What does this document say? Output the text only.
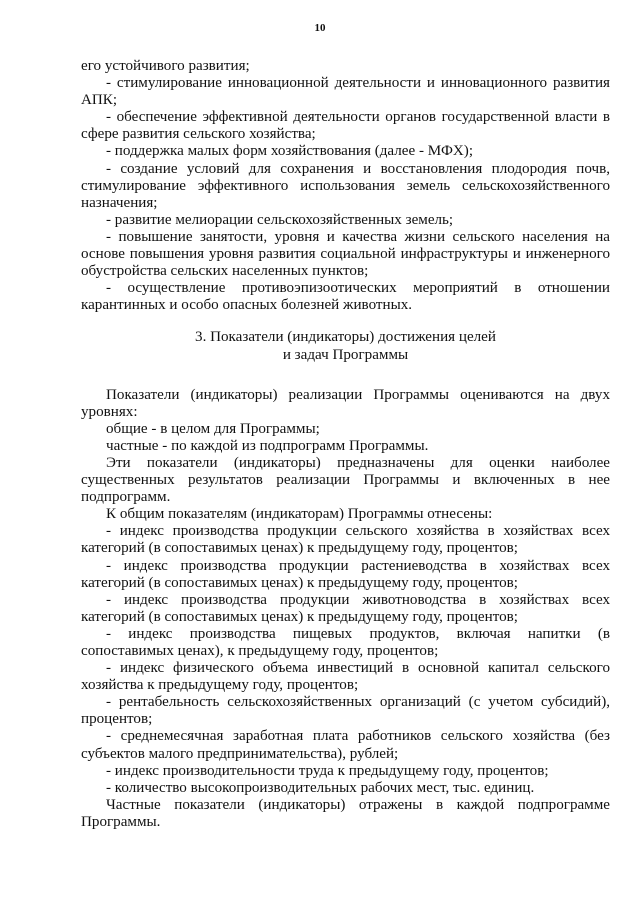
10

его устойчивого развития;

- стимулирование инновационной деятельности и инновационного развития АПК;

- обеспечение эффективной деятельности органов государственной власти в сфере развития сельского хозяйства;

- поддержка малых форм хозяйствования (далее - МФХ);

- создание условий для сохранения и восстановления плодородия почв, стимулирование эффективного использования земель сельскохозяйственного назначения;

- развитие мелиорации сельскохозяйственных земель;

- повышение занятости, уровня и качества жизни сельского населения на основе повышения уровня развития социальной инфраструктуры и инженерного обустройства сельских населенных пунктов;

- осуществление противоэпизоотических мероприятий в отношении карантинных и особо опасных болезней животных.

3. Показатели (индикаторы) достижения целей

и задач Программы

Показатели (индикаторы) реализации Программы оцениваются на двух уровнях:

общие - в целом для Программы;

частные - по каждой из подпрограмм Программы.

Эти показатели (индикаторы) предназначены для оценки наиболее существенных результатов реализации Программы и включенных в нее подпрограмм.

К общим показателям (индикаторам) Программы отнесены:

- индекс производства продукции сельского хозяйства в хозяйствах всех категорий (в сопоставимых ценах) к предыдущему году, процентов;

- индекс производства продукции растениеводства в хозяйствах всех категорий (в сопоставимых ценах) к предыдущему году, процентов;

- индекс производства продукции животноводства в хозяйствах всех категорий (в сопоставимых ценах) к предыдущему году, процентов;

- индекс производства пищевых продуктов, включая напитки (в сопоставимых ценах), к предыдущему году, процентов;

- индекс физического объема инвестиций в основной капитал сельского хозяйства к предыдущему году, процентов;

- рентабельность сельскохозяйственных организаций (с учетом субсидий), процентов;

- среднемесячная заработная плата работников сельского хозяйства (без субъектов малого предпринимательства), рублей;

- индекс производительности труда к предыдущему году, процентов;

- количество высокопроизводительных рабочих мест, тыс. единиц.

Частные показатели (индикаторы) отражены в каждой подпрограмме Программы.
